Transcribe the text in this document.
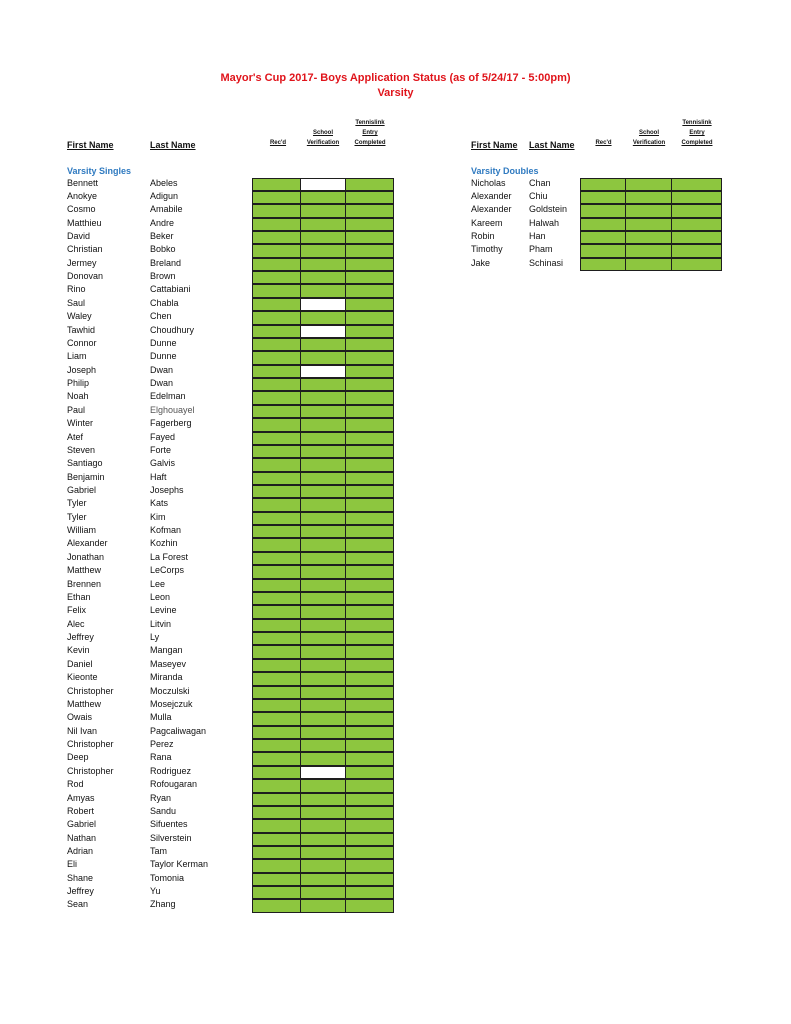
Mayor's Cup 2017- Boys Application Status (as of 5/24/17 - 5:00pm)
Varsity
First Name	Last Name	Rec'd
School
Verification
Tennislink
Entry
Completed	First Name Last Name	Rec'd
School
Verification
Tennislink
Entry
Completed
Varsity Singles	Varsity Doubles
Bennett	Abeles
Anokye	Adigun
Cosmo	Amabile
Matthieu	Andre
David	Beker
Christian	Bobko
Jermey	Breland
Donovan	Brown
Rino	Cattabiani
Saul	Chabla
Waley	Chen
Tawhid	Choudhury
Connor	Dunne
Liam	Dunne
Joseph	Dwan
Philip	Dwan
Noah	Edelman
Paul	Elghouayel
Winter	Fagerberg
Atef	Fayed
Steven	Forte
Santiago	Galvis
Benjamin	Haft
Gabriel	Josephs
Tyler	Kats
Tyler	Kim
William	Kofman
Alexander	Kozhin
Jonathan	La Forest
Matthew	LeCorps
Brennen	Lee
Ethan	Leon
Felix	Levine
Alec	Litvin
Jeffrey	Ly
Kevin	Mangan
Daniel	Maseyev
Kieonte	Miranda
Christopher	Moczulski
Matthew	Mosejczuk
Owais	Mulla
Nil Ivan	Pagcaliwagan
Christopher	Perez
Deep	Rana
Christopher	Rodriguez
Rod	Rofougaran
Amyas	Ryan
Robert	Sandu
Gabriel	Sifuentes
Nathan	Silverstein
Adrian	Tam
Eli	Taylor Kerman
Shane	Tomonia
Jeffrey	Yu
Sean	Zhang
Nicholas	Chan
Alexander Chiu
Alexander Goldstein
Kareem	Halwah
Robin	Han
Timothy	Pham
Jake	Schinasi
